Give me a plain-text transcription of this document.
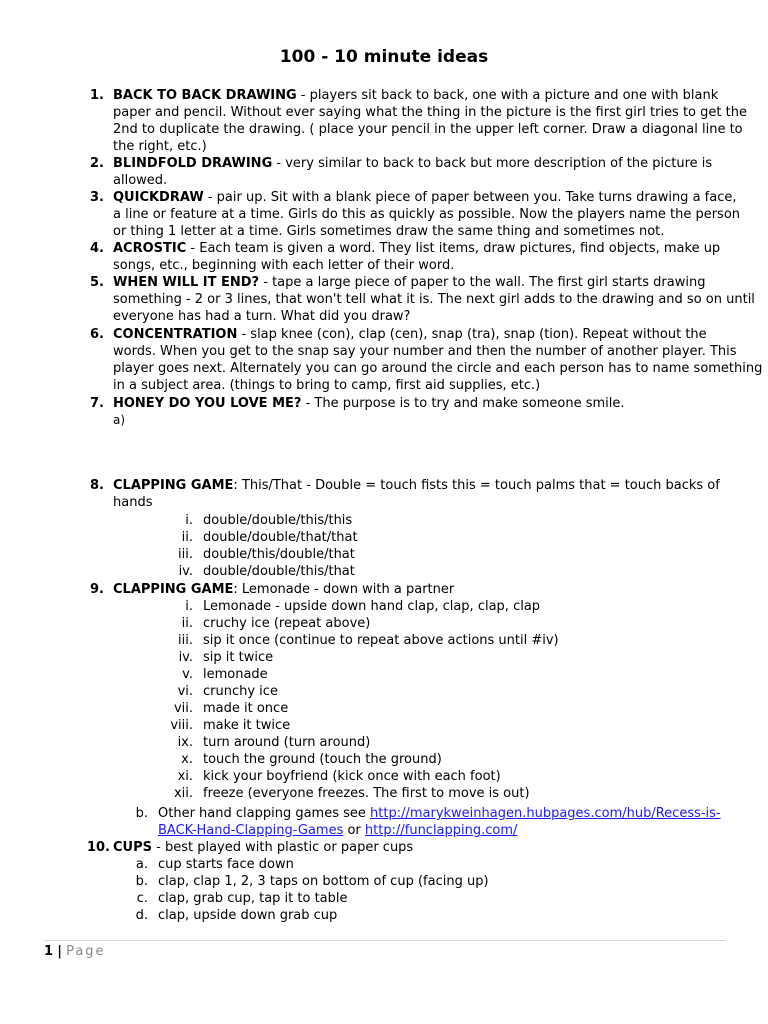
100 - 10 minute ideas
1. BACK TO BACK DRAWING - players sit back to back, one with a picture and one with blank
paper and pencil. Without ever saying what the thing in the picture is the first girl tries to get the
2nd to duplicate the drawing. ( place your pencil in the upper left corner. Draw a diagonal line to
the right, etc.)
2. BLINDFOLD DRAWING - very similar to back to back but more description of the picture is
allowed.
3. QUICKDRAW - pair up. Sit with a blank piece of paper between you. Take turns drawing a face,
a line or feature at a time. Girls do this as quickly as possible. Now the players name the person
or thing 1 letter at a time. Girls sometimes draw the same thing and sometimes not.
4. ACROSTIC - Each team is given a word. They list items, draw pictures, find objects, make up
songs, etc., beginning with each letter of their word.
5. WHEN WILL IT END? - tape a large piece of paper to the wall. The first girl starts drawing
something - 2 or 3 lines, that won't tell what it is. The next girl adds to the drawing and so on until
everyone has had a turn. What did you draw?
6. CONCENTRATION - slap knee (con), clap (cen), snap (tra), snap (tion). Repeat without the
words. When you get to the snap say your number and then the number of another player. This
player goes next. Alternately you can go around the circle and each person has to name something
in a subject area. (things to bring to camp, first aid supplies, etc.)
7. HONEY DO YOU LOVE ME? - The purpose is to try and make someone smile.
a)
8. CLAPPING GAME: This/That - Double = touch fists this = touch palms that = touch backs of
hands
i. double/double/this/this
ii. double/double/that/that
iii. double/this/double/that
iv. double/double/this/that
9. CLAPPING GAME: Lemonade - down with a partner
i. Lemonade - upside down hand clap, clap, clap, clap
ii. cruchy ice (repeat above)
iii. sip it once (continue to repeat above actions until #iv)
iv. sip it twice
v. lemonade
vi. crunchy ice
vii. made it once
viii. make it twice
ix. turn around (turn around)
x. touch the ground (touch the ground)
xi. kick your boyfriend (kick once with each foot)
xii. freeze (everyone freezes. The first to move is out)
b. Other hand clapping games see http://marykweinhagen.hubpages.com/hub/Recess-is-
BACK-Hand-Clapping-Games or http://funclapping.com/
10. CUPS - best played with plastic or paper cups
a. cup starts face down
b. clap, clap 1, 2, 3 taps on bottom of cup (facing up)
c. clap, grab cup, tap it to table
d. clap, upside down grab cup
1 | Page
